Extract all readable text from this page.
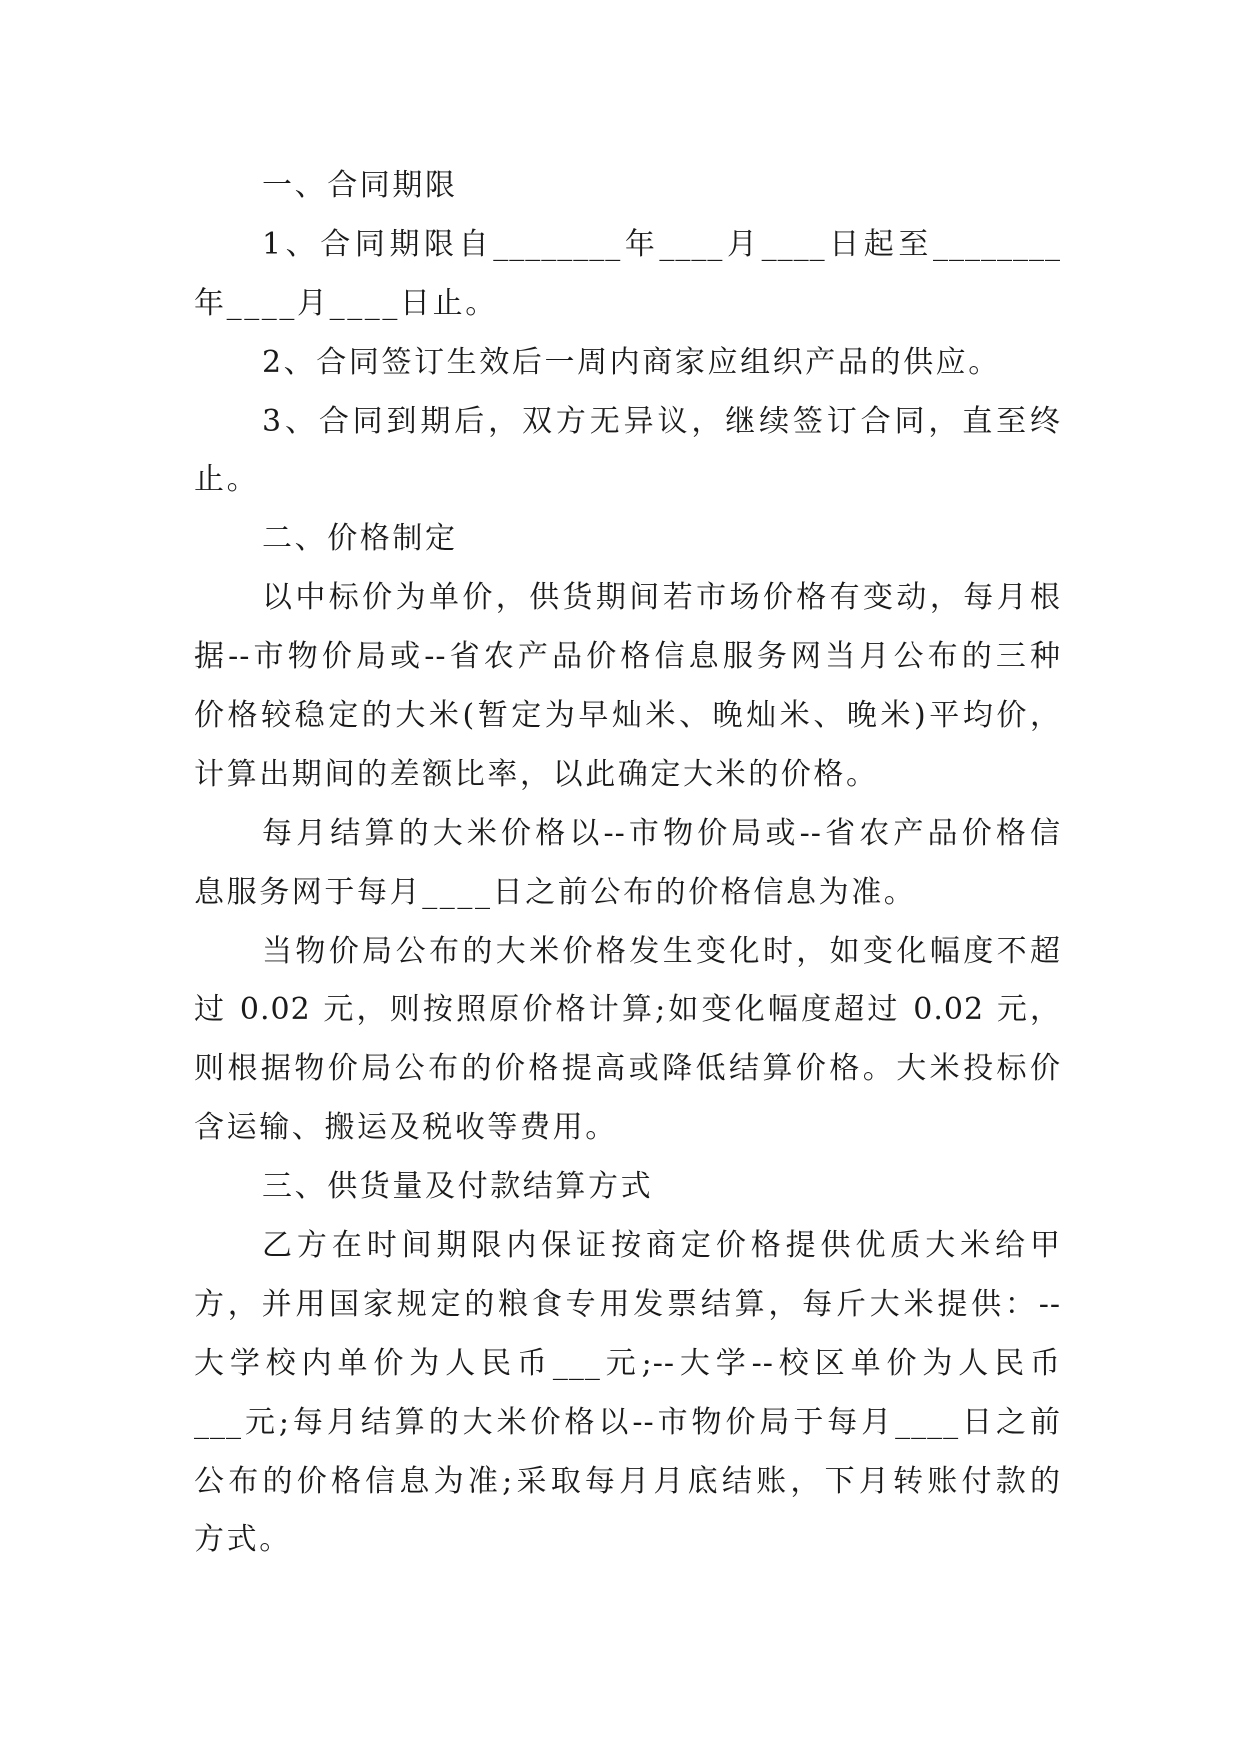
一、合同期限
1、合同期限自________年____月____日起至________
年____月____日止。
2、合同签订生效后一周内商家应组织产品的供应。
3、合同到期后，双方无异议，继续签订合同，直至终
止。
二、价格制定
以中标价为单价，供货期间若市场价格有变动，每月根
据--市物价局或--省农产品价格信息服务网当月公布的三种
价格较稳定的大米(暂定为早灿米、晚灿米、晚米)平均价，
计算出期间的差额比率，以此确定大米的价格。
每月结算的大米价格以--市物价局或--省农产品价格信
息服务网于每月____日之前公布的价格信息为准。
当物价局公布的大米价格发生变化时，如变化幅度不超
过 0.02 元，则按照原价格计算;如变化幅度超过 0.02 元，
则根据物价局公布的价格提高或降低结算价格。大米投标价
含运输、搬运及税收等费用。
三、供货量及付款结算方式
乙方在时间期限内保证按商定价格提供优质大米给甲
方，并用国家规定的粮食专用发票结算，每斤大米提供：--
大学校内单价为人民币___元;--大学--校区单价为人民币
___元;每月结算的大米价格以--市物价局于每月____日之前
公布的价格信息为准;采取每月月底结账，下月转账付款的
方式。
